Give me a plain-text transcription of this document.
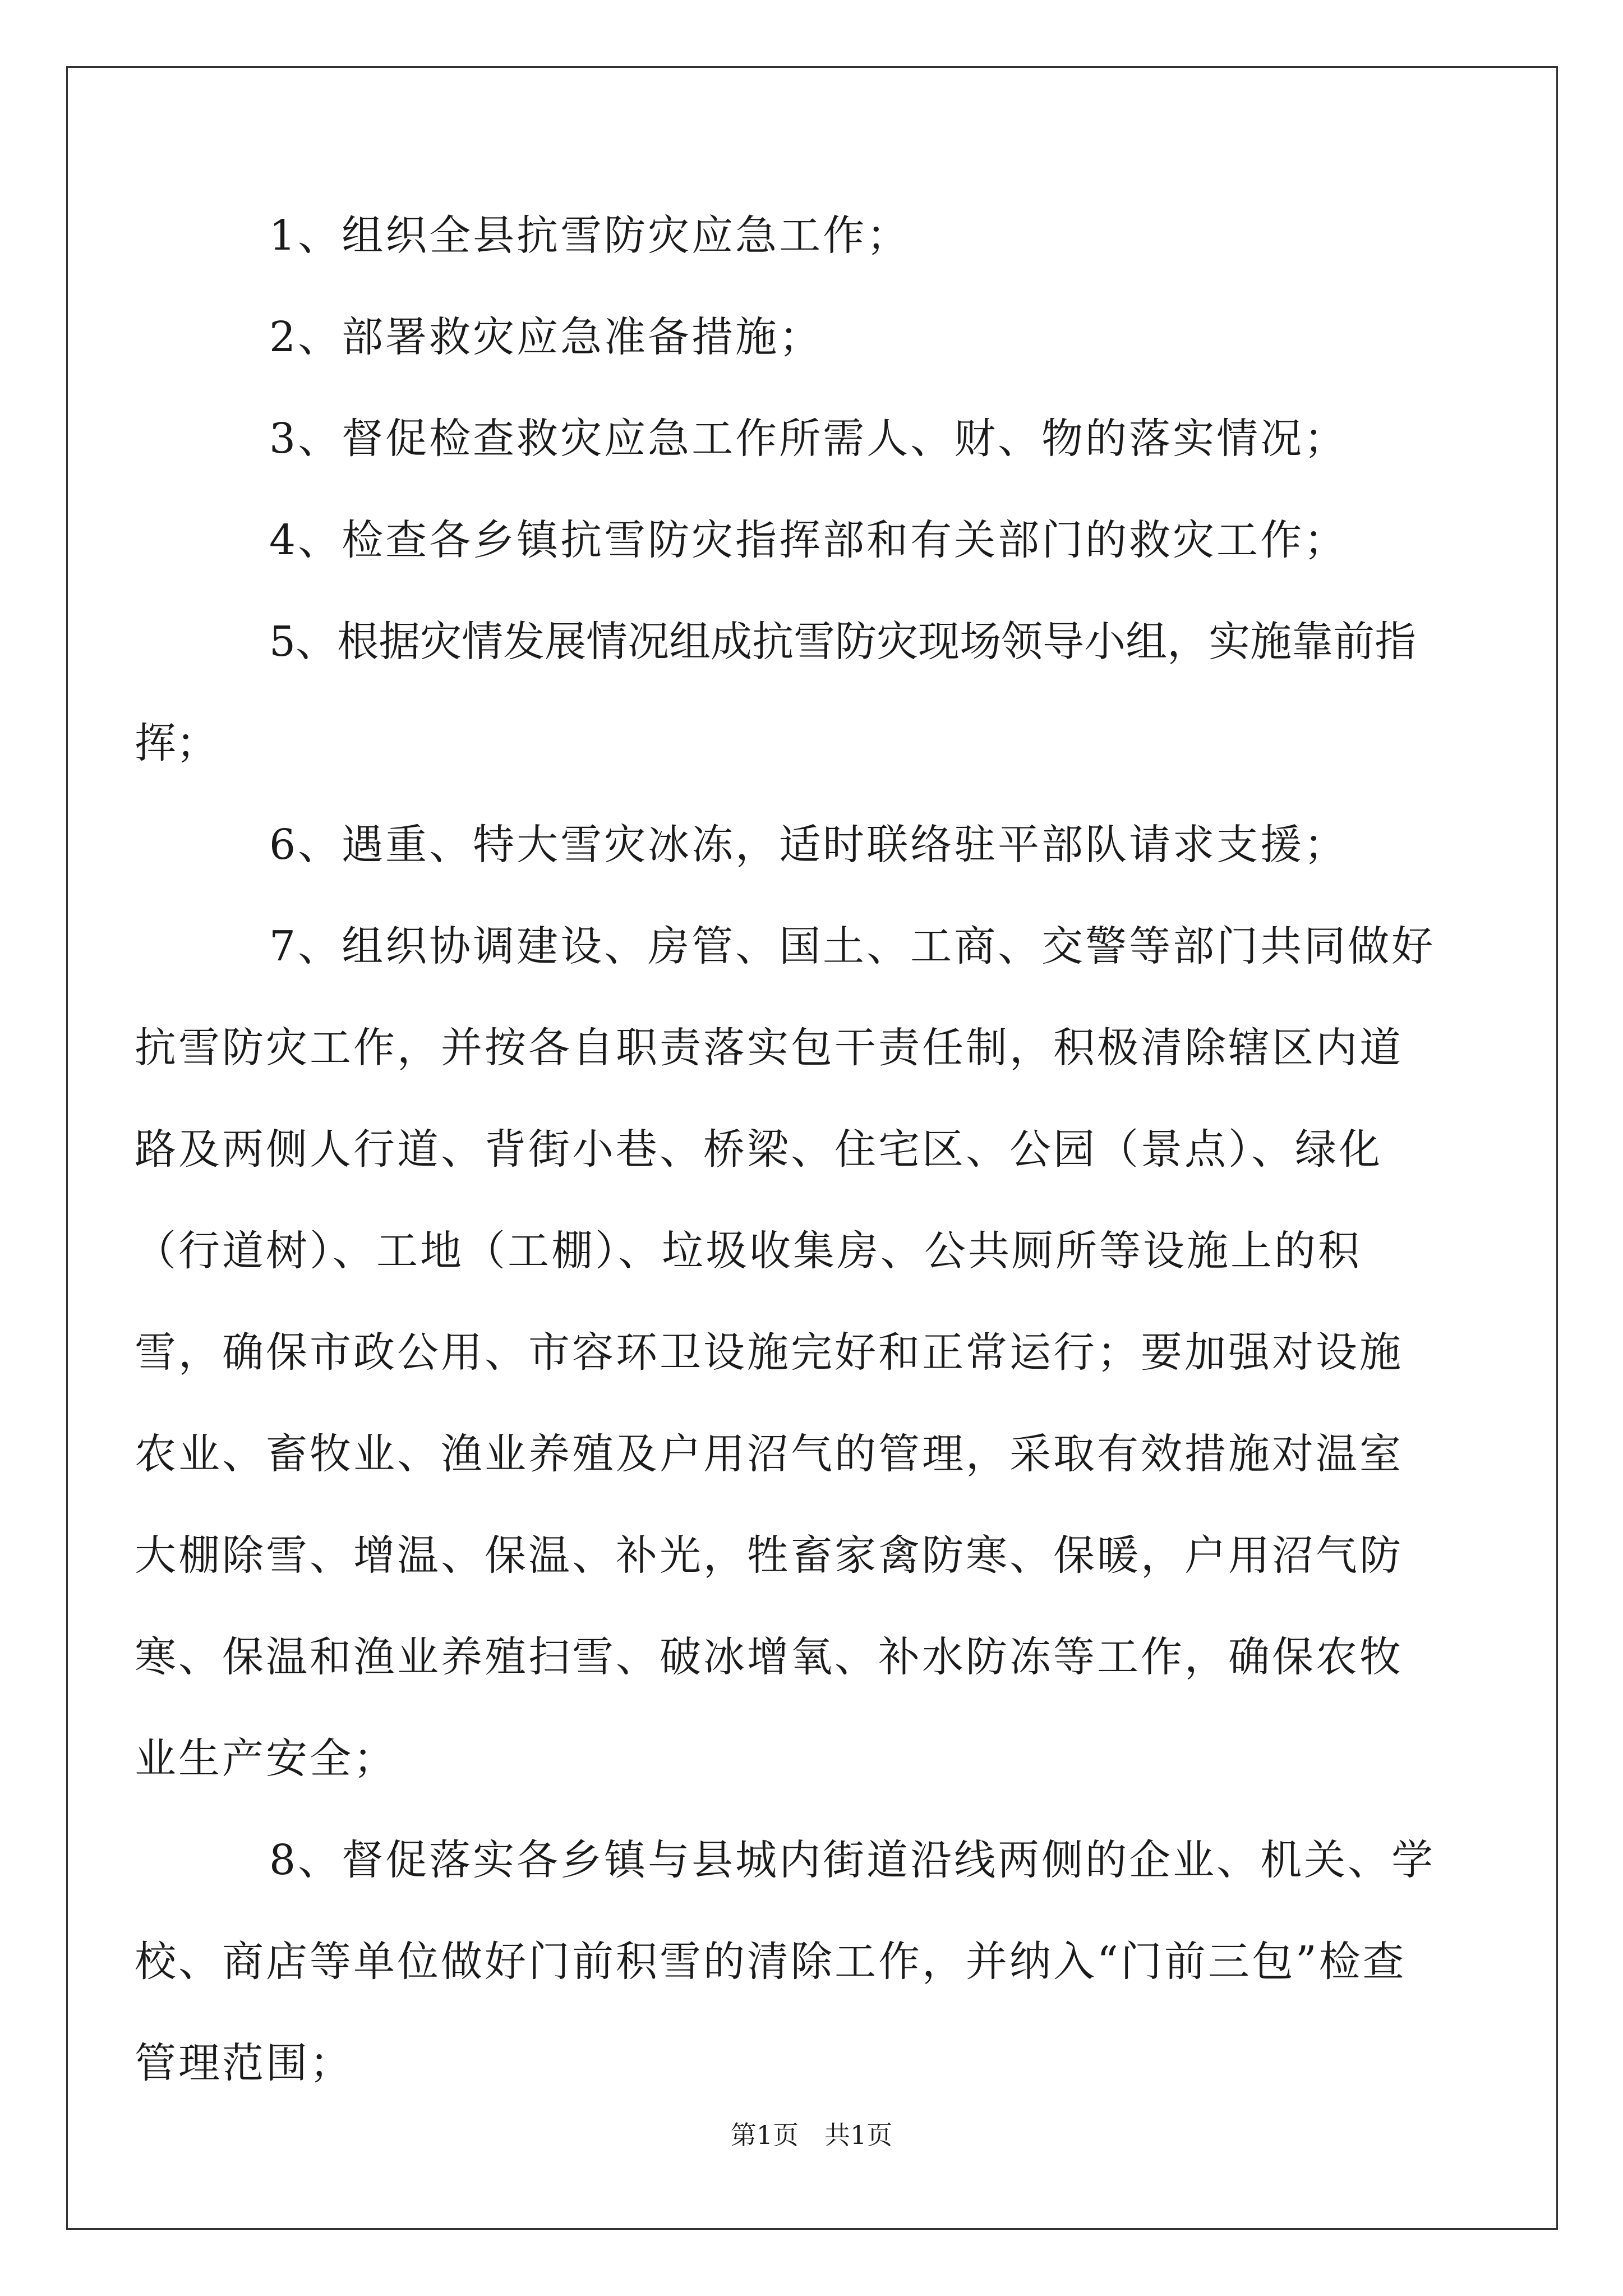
1、组织全县抗雪防灾应急工作；

2、部署救灾应急准备措施；

3、督促检查救灾应急工作所需人、财、物的落实情况；

4、检查各乡镇抗雪防灾指挥部和有关部门的救灾工作；

5、根据灾情发展情况组成抗雪防灾现场领导小组，实施靠前指挥；

6、遇重、特大雪灾冰冻，适时联络驻平部队请求支援；

7、组织协调建设、房管、国土、工商、交警等部门共同做好抗雪防灾工作，并按各自职责落实包干责任制，积极清除辖区内道路及两侧人行道、背街小巷、桥梁、住宅区、公园（景点）、绿化（行道树）、工地（工棚）、垃圾收集房、公共厕所等设施上的积雪，确保市政公用、市容环卫设施完好和正常运行；要加强对设施农业、畜牧业、渔业养殖及户用沼气的管理，采取有效措施对温室大棚除雪、增温、保温、补光，牲畜家禽防寒、保暖，户用沼气防寒、保温和渔业养殖扫雪、破冰增氧、补水防冻等工作，确保农牧业生产安全；

8、督促落实各乡镇与县城内街道沿线两侧的企业、机关、学校、商店等单位做好门前积雪的清除工作，并纳入“门前三包”检查管理范围；

第1页　共1页
